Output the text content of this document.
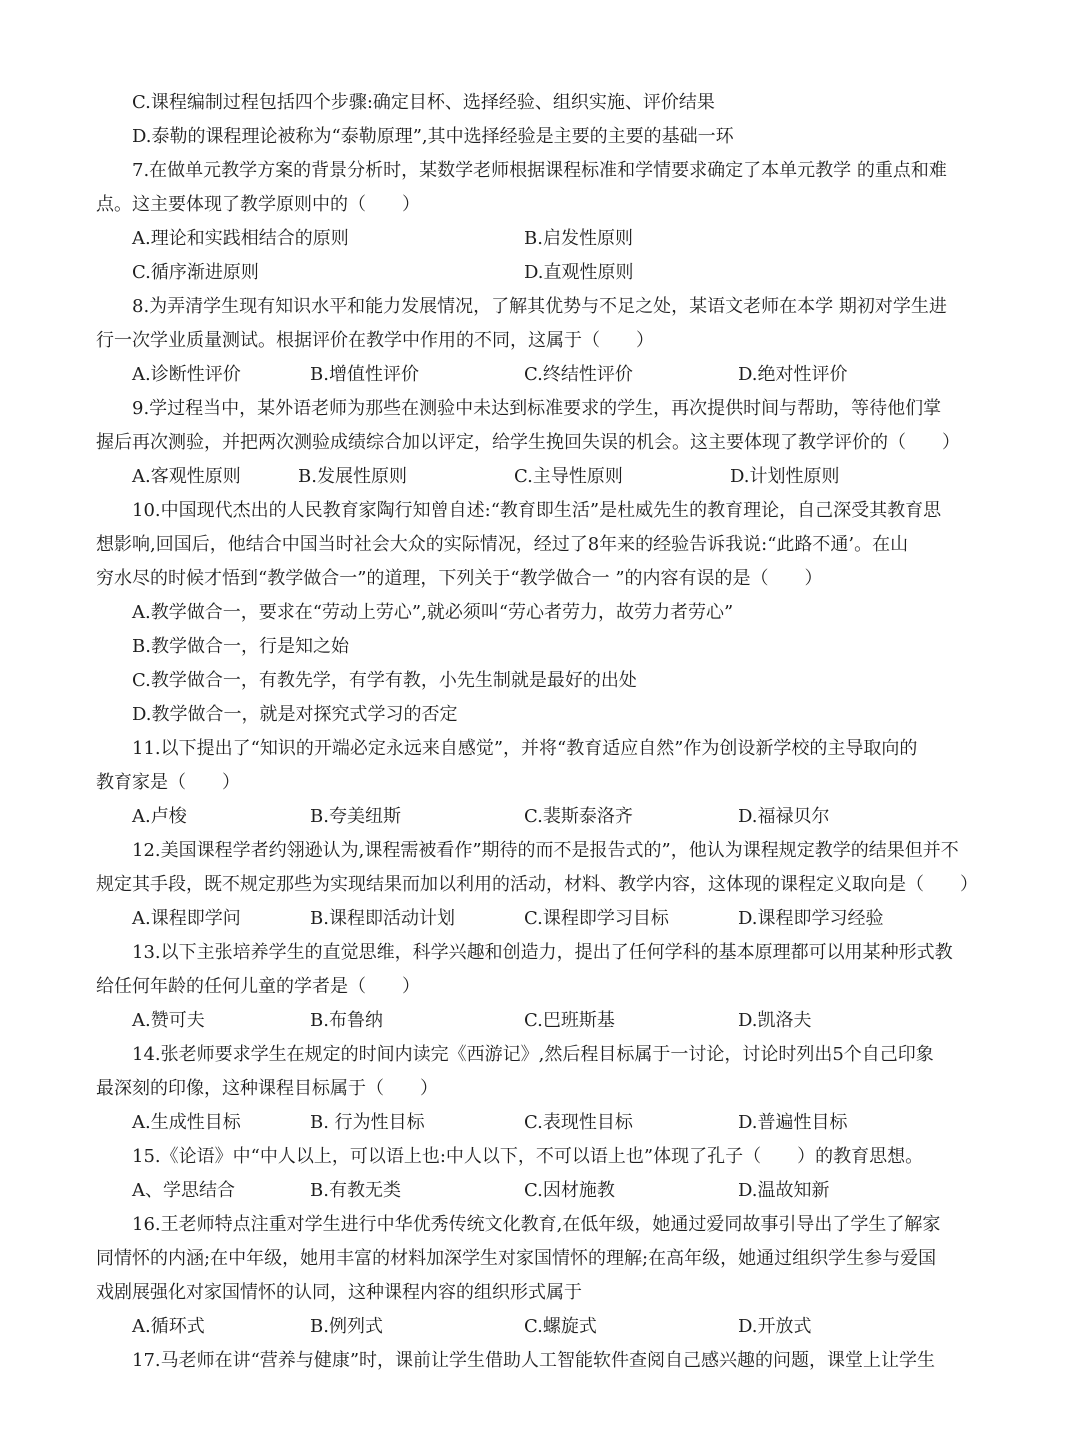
C.课程编制过程包括四个步骤:确定目杯、选择经验、组织实施、评价结果
D.泰勒的课程理论被称为“泰勒原理”,其中选择经验是主要的主要的基础一环
7.在做单元教学方案的背景分析时，某数学老师根据课程标准和学情要求确定了本单元教学 的重点和难
点。这主要体现了教学原则中的（　　）
A.理论和实践相结合的原则	B.启发性原则
C.循序渐进原则	D.直观性原则
8.为弄清学生现有知识水平和能力发展情况，了解其优势与不足之处，某语文老师在本学 期初对学生进
行一次学业质量测试。根据评价在教学中作用的不同，这属于（　　）
A.诊断性评价	B.增值性评价	C.终结性评价	D.绝对性评价
9.学过程当中，某外语老师为那些在测验中未达到标准要求的学生，再次提供时间与帮助，等待他们掌
握后再次测验，并把两次测验成绩综合加以评定，给学生挽回失误的机会。这主要体现了教学评价的（　　）
A.客观性原则	B.发展性原则	C.主导性原则	D.计划性原则
10.中国现代杰出的人民教育家陶行知曾自述:“教育即生活”是杜威先生的教育理论，自己深受其教育思
想影响,回国后，他结合中国当时社会大众的实际情况，经过了8年来的经验告诉我说:“此路不通’。在山
穷水尽的时候才悟到“教学做合一”的道理，下列关于“教学做合一 ”的内容有误的是（　　）
A.教学做合一，要求在“劳动上劳心”,就必须叫“劳心者劳力，故劳力者劳心”
B.教学做合一，行是知之始
C.教学做合一，有教先学，有学有教，小先生制就是最好的出处
D.教学做合一，就是对探究式学习的否定
11.以下提出了“知识的开端必定永远来自感觉”，并将“教育适应自然”作为创设新学校的主导取向的
教育家是（　　）
A.卢梭	B.夸美纽斯	C.裴斯泰洛齐	D.福禄贝尔
12.美国课程学者约翎逊认为,课程需被看作”期待的而不是报告式的”，他认为课程规定教学的结果但并不
规定其手段，既不规定那些为实现结果而加以利用的活动，材料、教学内容，这体现的课程定义取向是（　　）
A.课程即学问	B.课程即活动计划	C.课程即学习目标	D.课程即学习经验
13.以下主张培养学生的直觉思维，科学兴趣和创造力，提出了任何学科的基本原理都可以用某种形式教
给任何年龄的任何儿童的学者是（　　）
A.赞可夫	B.布鲁纳	C.巴班斯基	D.凯洛夫
14.张老师要求学生在规定的时间内读完《西游记》,然后程目标属于一讨论，讨论时列出5个自己印象
最深刻的印像，这种课程目标属于（　　）
A.生成性目标	B. 行为性目标	C.表现性目标	D.普遍性目标
15.《论语》中“中人以上，可以语上也:中人以下，不可以语上也”体现了孔子（　　）的教育思想。
A、学思结合	B.有教无类	C.因材施教	D.温故知新
16.王老师特点注重对学生进行中华优秀传统文化教育,在低年级，她通过爱同故事引导出了学生了解家
同情怀的内涵;在中年级，她用丰富的材料加深学生对家国情怀的理解;在高年级，她通过组织学生参与爱国
戏剧展强化对家国情怀的认同，这种课程内容的组织形式属于
A.循环式	B.例列式	C.螺旋式	D.开放式
17.马老师在讲“营养与健康”时，课前让学生借助人工智能软件查阅自己感兴趣的问题，课堂上让学生
